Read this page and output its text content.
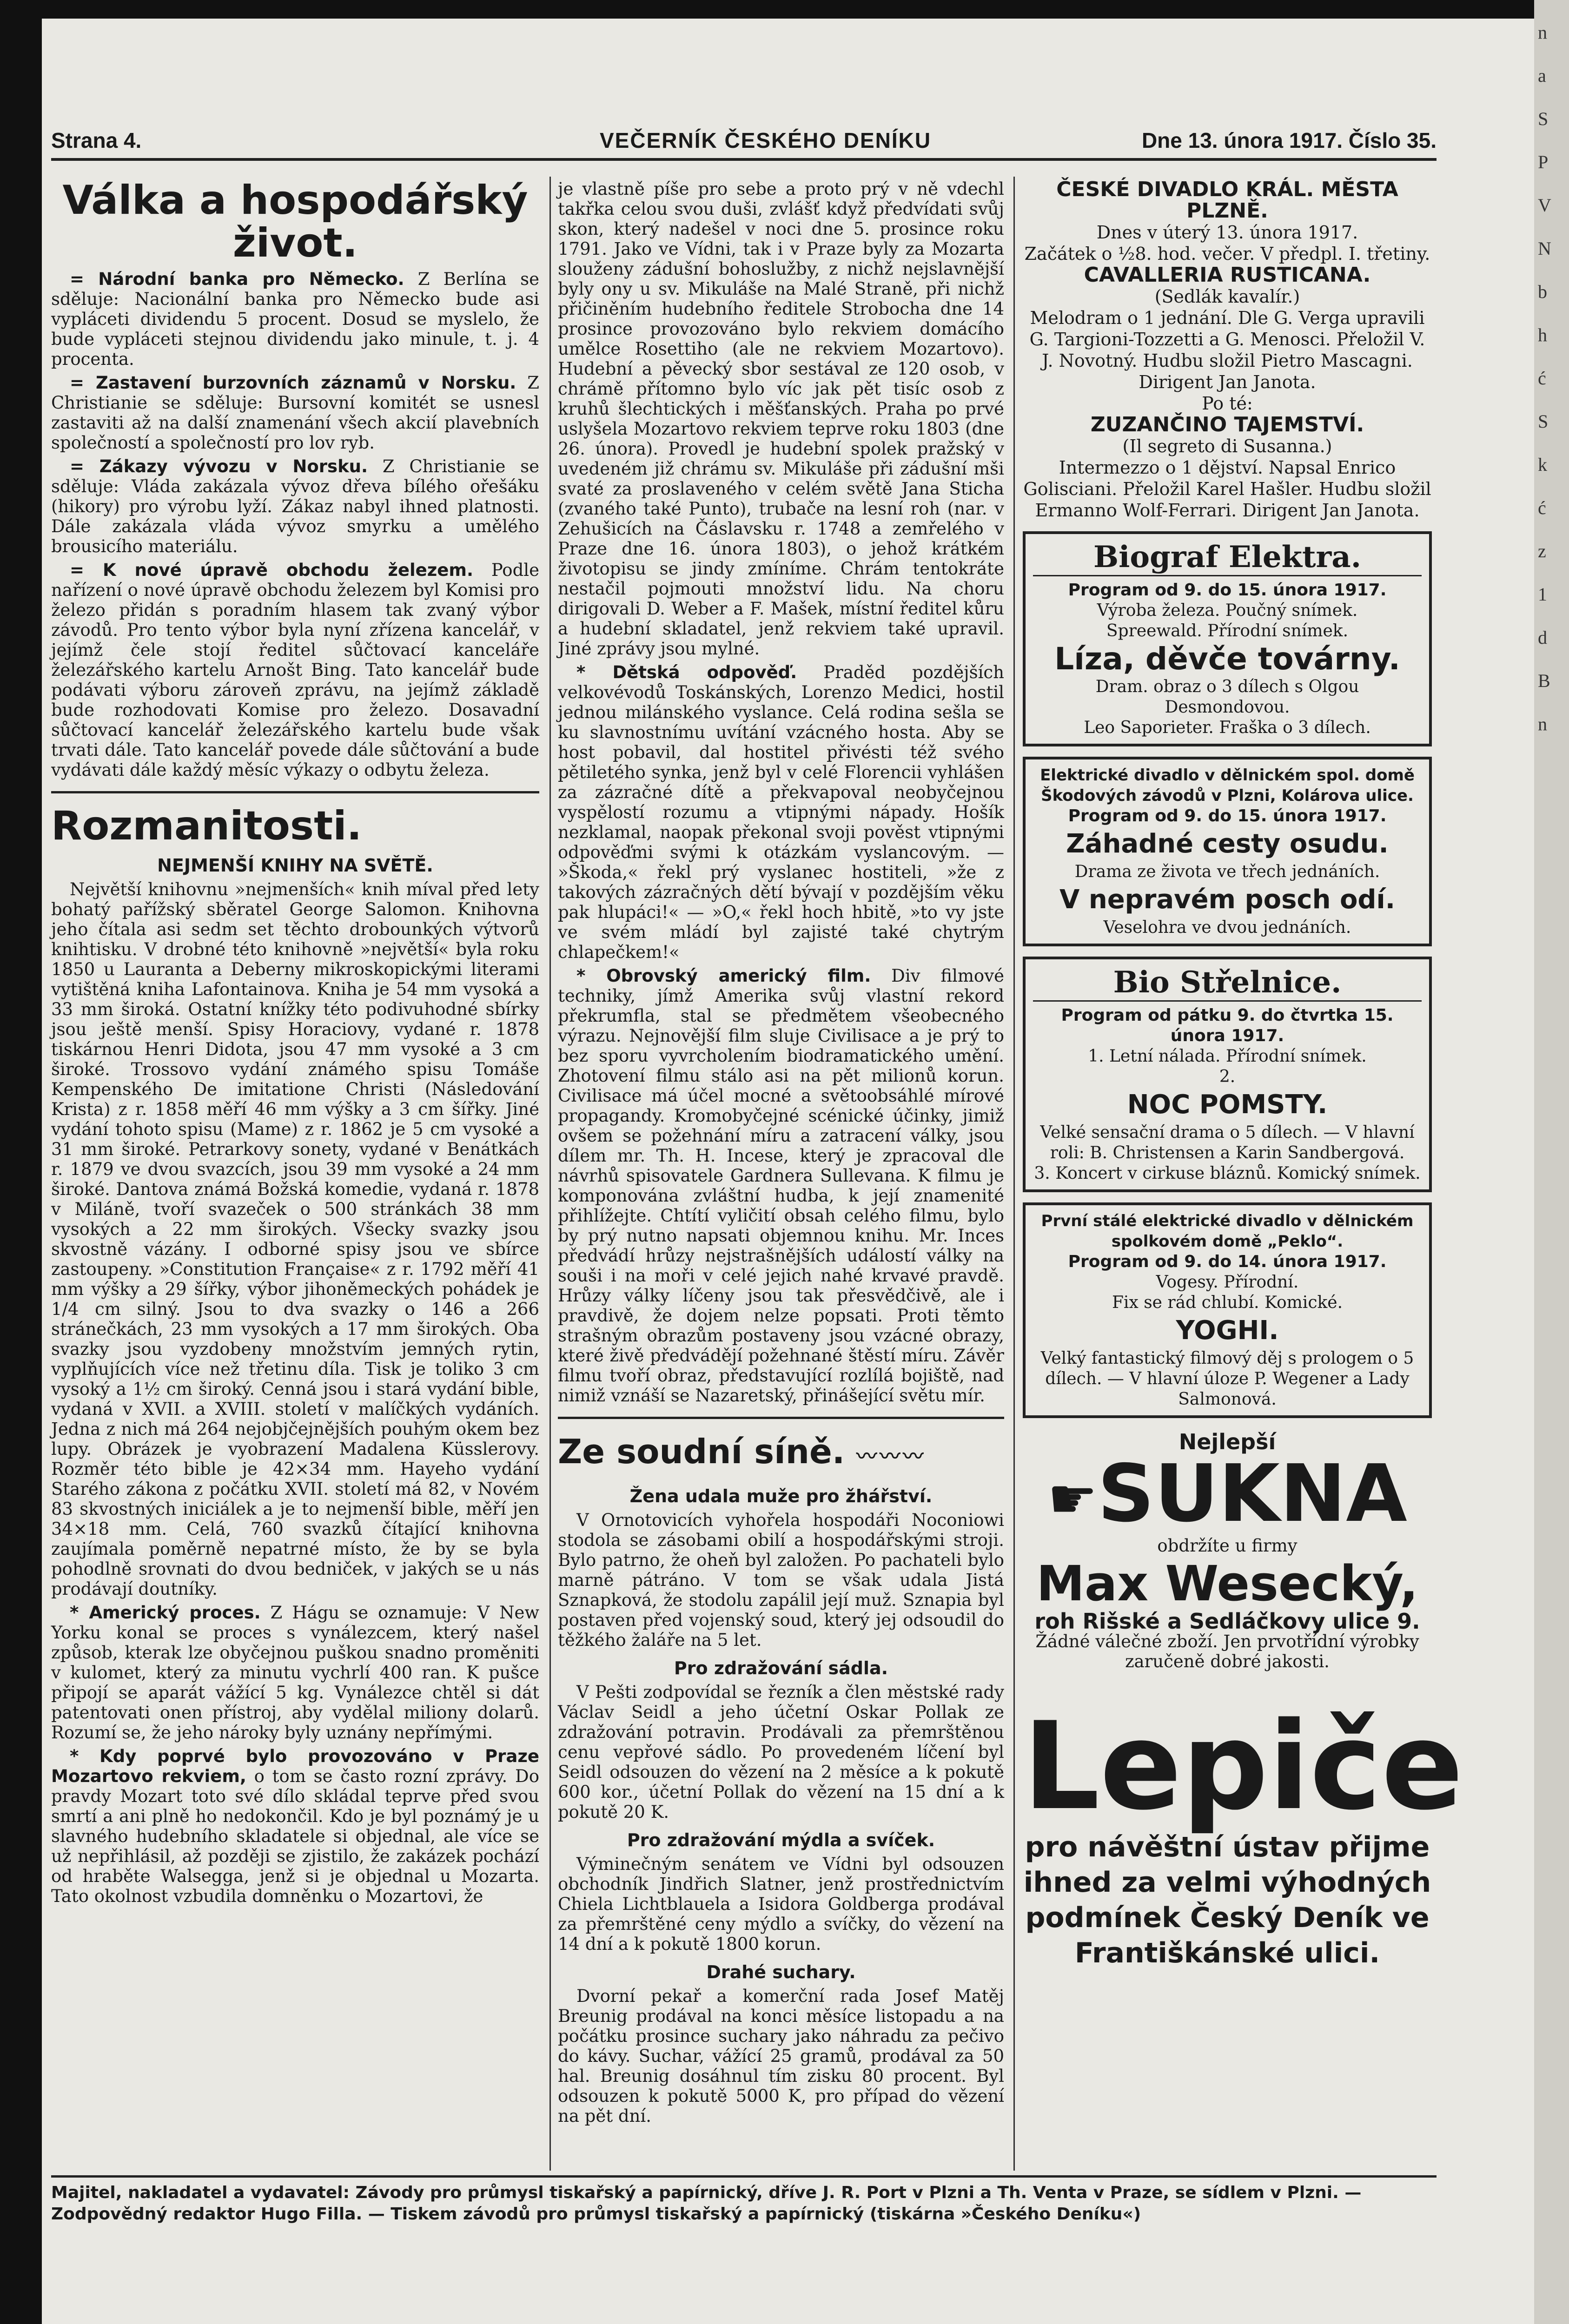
Strana 4.	VEČERNÍK ČESKÉHO DENÍKU	Dne 13. února 1917. Číslo 35.
Válka a hospodářský život.

= Národní banka pro Německo. Z Berlína se sděluje: Nacionální banka pro Německo bude asi vypláceti dividendu 5 procent. Dosud se myslelo, že bude vypláceti stejnou dividendu jako minule, t. j. 4 procenta.

= Zastavení burzovních záznamů v Norsku. Z Christianie se sděluje: Bursovní komitét se usnesl zastaviti až na další znamenání všech akcií plavebních společností a společností pro lov ryb.

= Zákazy vývozu v Norsku. Z Christianie se sděluje: Vláda zakázala vývoz dřeva bílého ořešáku (hikory) pro výrobu lyží. Zákaz nabyl ihned platnosti. Dále zakázala vláda vývoz smyrku a umělého brousicího materiálu.

= K nové úpravě obchodu železem. Podle nařízení o nové úpravě obchodu železem byl Komisi pro železo přidán s poradním hlasem tak zvaný výbor závodů. Pro tento výbor byla nyní zřízena kancelář, v jejímž čele stojí ředitel sůčtovací kanceláře železářského kartelu Arnošt Bing. Tato kancelář bude podávati výboru zároveň zprávu, na jejímž základě bude rozhodovati Komise pro železo. Dosavadní sůčtovací kancelář železářského kartelu bude však trvati dále. Tato kancelář povede dále sůčtování a bude vydávati dále každý měsíc výkazy o odbytu železa.

Rozmanitosti.
NEJMENŠÍ KNIHY NA SVĚTĚ.

Největší knihovnu »nejmenších« knih míval před lety bohatý pařížský sběratel George Salomon. Knihovna jeho čítala asi sedm set těchto drobounkých výtvorů knihtisku. V drobné této knihovně »největší« byla roku 1850 u Lauranta a Deberny mikroskopickými literami vytištěná kniha Lafontainova. Kniha je 54 mm vysoká a 33 mm široká. Ostatní knížky této podivuhodné sbírky jsou ještě menší. Spisy Horaciovy, vydané r. 1878 tiskárnou Henri Didota, jsou 47 mm vysoké a 3 cm široké. Trossovo vydání známého spisu Tomáše Kempenského De imitatione Christi (Následování Krista) z r. 1858 měří 46 mm výšky a 3 cm šířky. Jiné vydání tohoto spisu (Mame) z r. 1862 je 5 cm vysoké a 31 mm široké. Petrarkovy sonety, vydané v Benátkách r. 1879 ve dvou svazcích, jsou 39 mm vysoké a 24 mm široké. Dantova známá Božská komedie, vydaná r. 1878 v Miláně, tvoří svazeček o 500 stránkách 38 mm vysokých a 22 mm širokých. Všecky svazky jsou skvostně vázány. I odborné spisy jsou ve sbírce zastoupeny. »Constitution Française« z r. 1792 měří 41 mm výšky a 29 šířky, výbor jihoněmeckých pohádek je 1/4 cm silný. Jsou to dva svazky o 146 a 266 stránečkách, 23 mm vysokých a 17 mm širokých. Oba svazky jsou vyzdobeny množstvím jemných rytin, vyplňujících více než třetinu díla. Tisk je toliko 3 cm vysoký a 1½ cm široký. Cenná jsou i stará vydání bible, vydaná v XVII. a XVIII. století v malíčkých vydáních. Jedna z nich má 264 nejobjčejnějších pouhým okem bez lupy. Obrázek je vyobrazení Madalena Küsslerovy. Rozměr této bible je 42×34 mm. Hayeho vydání Starého zákona z počátku XVII. století má 82, v Novém 83 skvostných iniciálek a je to nejmenší bible, měří jen 34×18 mm. Celá, 760 svazků čítající knihovna zaujímala poměrně nepatrné místo, že by se byla pohodlně srovnati do dvou bedniček, v jakých se u nás prodávají doutníky.

* Americký proces. Z Hágu se oznamuje: V New Yorku konal se proces s vynálezcem, který našel způsob, kterak lze obyčejnou puškou snadno proměniti v kulomet, který za minutu vychrlí 400 ran. K pušce připojí se aparát vážící 5 kg. Vynálezce chtěl si dát patentovati onen přístroj, aby vydělal miliony dolarů. Rozumí se, že jeho nároky byly uznány nepřímými.

* Kdy poprvé bylo provozováno v Praze Mozartovo rekviem, o tom se často rozní zprávy. Do pravdy Mozart toto své dílo skládal teprve před svou smrtí a ani plně ho nedokončil. Kdo je byl poznámý je u slavného hudebního skladatele si objednal, ale více se už nepřihlásil, až později se zjistilo, že zakázek pochází od hraběte Walsegga, jenž si je objednal u Mozarta. Tato okolnost vzbudila domněnku o Mozartovi, že

je vlastně píše pro sebe a proto prý v ně vdechl takřka celou svou duši, zvlášť když předvídati svůj skon, který nadešel v noci dne 5. prosince roku 1791. Jako ve Vídni, tak i v Praze byly za Mozarta slouženy zádušní bohoslužby, z nichž nejslavnější byly ony u sv. Mikuláše na Malé Straně, při nichž přičiněním hudebního ředitele Strobocha dne 14 prosince provozováno bylo rekviem domácího umělce Rosettiho (ale ne rekviem Mozartovo). Hudební a pěvecký sbor sestával ze 120 osob, v chrámě přítomno bylo víc jak pět tisíc osob z kruhů šlechtických i měšťanských. Praha po prvé uslyšela Mozartovo rekviem teprve roku 1803 (dne 26. února). Provedl je hudební spolek pražský v uvedeném již chrámu sv. Mikuláše při zádušní mši svaté za proslaveného v celém světě Jana Sticha (zvaného také Punto), trubače na lesní roh (nar. v Zehušicích na Čáslavsku r. 1748 a zemřelého v Praze dne 16. února 1803), o jehož krátkém životopisu se jindy zmíníme. Chrám tentokráte nestačil pojmouti množství lidu. Na choru dirigovali D. Weber a F. Mašek, místní ředitel kůru a hudební skladatel, jenž rekviem také upravil. Jiné zprávy jsou mylné.

* Dětská odpověď. Praděd pozdějších velkovévodů Toskánských, Lorenzo Medici, hostil jednou milánského vyslance. Celá rodina sešla se ku slavnostnímu uvítání vzácného hosta. Aby se host pobavil, dal hostitel přivésti též svého pětiletého synka, jenž byl v celé Florencii vyhlášen za zázračné dítě a překvapoval neobyčejnou vyspělostí rozumu a vtipnými nápady. Hošík nezklamal, naopak překonal svoji pověst vtipnými odpověďmi svými k otázkám vyslancovým. — »Škoda,« řekl prý vyslanec hostiteli, »že z takových zázračných dětí bývají v pozdějším věku pak hlupáci!« — »O,« řekl hoch hbitě, »to vy jste ve svém mládí byl zajisté také chytrým chlapečkem!«

* Obrovský americký film. Div filmové techniky, jímž Amerika svůj vlastní rekord překrumfla, stal se předmětem všeobecného výrazu. Nejnovější film sluje Civilisace a je prý to bez sporu vyvrcholením biodramatického umění. Zhotovení filmu stálo asi na pět milionů korun. Civilisace má účel mocné a světoobsáhlé mírové propagandy. Kromobyčejné scénické účinky, jimiž ovšem se požehnání míru a zatracení války, jsou dílem mr. Th. H. Incese, který je zpracoval dle návrhů spisovatele Gardnera Sullevana. K filmu je komponována zvláštní hudba, k její znamenité přihlížejte. Chtítí vyličití obsah celého filmu, bylo by prý nutno napsati objemnou knihu. Mr. Inces předvádí hrůzy nejstrašnějších událostí války na souši i na moři v celé jejich nahé krvavé pravdě. Hrůzy války líčeny jsou tak přesvědčivě, ale i pravdivě, že dojem nelze popsati. Proti těmto strašným obrazům postaveny jsou vzácné obrazy, které živě předvádějí požehnané štěstí míru. Závěr filmu tvoří obraz, představující rozlílá bojiště, nad nimiž vznáší se Nazaretský, přinášející světu mír.

Ze soudní síně. 〰〰〰
Žena udala muže pro žhářství.

V Ornotovicích vyhořela hospodáři Noconiowi stodola se zásobami obilí a hospodářskými stroji. Bylo patrno, že oheň byl založen. Po pachateli bylo marně pátráno. V tom se však udala Jistá Sznapková, že stodolu zapálil její muž. Sznapia byl postaven před vojenský soud, který jej odsoudil do těžkého žaláře na 5 let.

Pro zdražování sádla.

V Pešti zodpovídal se řezník a člen městské rady Václav Seidl a jeho účetní Oskar Pollak ze zdražování potravin. Prodávali za přemrštěnou cenu vepřové sádlo. Po provedeném líčení byl Seidl odsouzen do vězení na 2 měsíce a k pokutě 600 kor., účetní Pollak do vězení na 15 dní a k pokutě 20 K.

Pro zdražování mýdla a svíček.

Výminečným senátem ve Vídni byl odsouzen obchodník Jindřich Slatner, jenž prostřednictvím Chiela Lichtblauela a Isidora Goldberga prodával za přemrštěné ceny mýdlo a svíčky, do vězení na 14 dní a k pokutě 1800 korun.

Drahé suchary.

Dvorní pekař a komerční rada Josef Matěj Breunig prodával na konci měsíce listopadu a na počátku prosince suchary jako náhradu za pečivo do kávy. Suchar, vážící 25 gramů, prodával za 50 hal. Breunig dosáhnul tím zisku 80 procent. Byl odsouzen k pokutě 5000 K, pro případ do vězení na pět dní.

ČESKÉ DIVADLO KRÁL. MĚSTA PLZNĚ.
Dnes v úterý 13. února 1917.
Začátek o ½8. hod. večer. V předpl. I. třetiny.
CAVALLERIA RUSTICANA.
(Sedlák kavalír.)
Melodram o 1 jednání. Dle G. Verga upravili G. Targioni-Tozzetti a G. Menosci. Přeložil V. J. Novotný. Hudbu složil Pietro Mascagni. Dirigent Jan Janota.
Po té:
ZUZANČINO TAJEMSTVÍ.
(Il segreto di Susanna.)
Intermezzo o 1 dějství. Napsal Enrico Golisciani. Přeložil Karel Hašler. Hudbu složil Ermanno Wolf-Ferrari. Dirigent Jan Janota.
Biograf Elektra.
Program od 9. do 15. února 1917.
Výroba železa. Poučný snímek.
Spreewald. Přírodní snímek.
Líza, děvče továrny.
Dram. obraz o 3 dílech s Olgou Desmondovou.
Leo Saporieter. Fraška o 3 dílech.
Elektrické divadlo v dělnickém spol. domě Škodových závodů v Plzni, Kolárova ulice.
Program od 9. do 15. února 1917.
Záhadné cesty osudu.
Drama ze života ve třech jednáních.
V nepravém posch odí.
Veselohra ve dvou jednáních.
Bio Střelnice.
Program od pátku 9. do čtvrtka 15. února 1917.
1. Letní nálada. Přírodní snímek.
2.
NOC POMSTY.
Velké sensační drama o 5 dílech. — V hlavní roli: B. Christensen a Karin Sandbergová.
3. Koncert v cirkuse bláznů. Komický snímek.
První stálé elektrické divadlo v dělnickém spolkovém domě „Peklo“.
Program od 9. do 14. února 1917.
Vogesy. Přírodní.
Fix se rád chlubí. Komické.
YOGHI.
Velký fantastický filmový děj s prologem o 5 dílech. — V hlavní úloze P. Wegener a Lady Salmonová.
Nejlepší
☛SUKNA
obdržíte u firmy
Max Wesecký,
roh Rišské a Sedláčkovy ulice 9.
Žádné válečné zboží. Jen prvotřídní výrobky zaručeně dobré jakosti.
Lepiče
pro návěštní ústav přijme ihned za velmi výhodných podmínek Český Deník ve Františkánské ulici.
Majitel, nakladatel a vydavatel: Závody pro průmysl tiskařský a papírnický, dříve J. R. Port v Plzni a Th. Venta v Praze, se sídlem v Plzni. — Zodpovědný redaktor Hugo Filla. — Tiskem závodů pro průmysl tiskařský a papírnický (tiskárna »Českého Deníku«)
n
a
S
P
V
N
b
h
ć
S
k
ć
z
1
d
B
n
